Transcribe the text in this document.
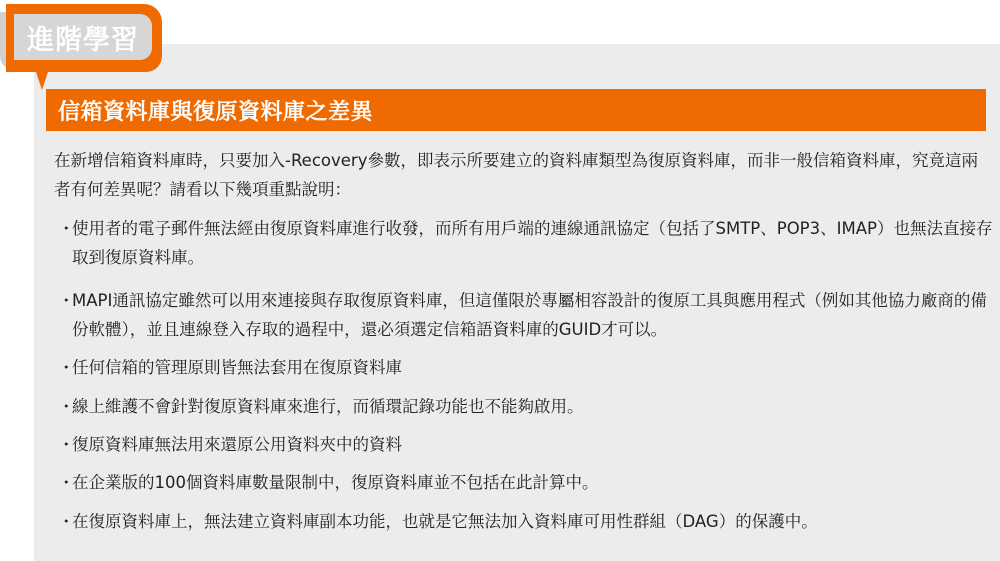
進階學習
信箱資料庫與復原資料庫之差異
在新增信箱資料庫時，只要加入-Recovery參數，即表示所要建立的資料庫類型為復原資料庫，而非一般信箱資料庫，究竟這兩者有何差異呢？請看以下幾項重點說明：
・使用者的電子郵件無法經由復原資料庫進行收發，而所有用戶端的連線通訊協定（包括了SMTP、POP3、IMAP）也無法直接存取到復原資料庫。
・MAPI通訊協定雖然可以用來連接與存取復原資料庫，但這僅限於專屬相容設計的復原工具與應用程式（例如其他協力廠商的備份軟體），並且連線登入存取的過程中，還必須選定信箱語資料庫的GUID才可以。
・任何信箱的管理原則皆無法套用在復原資料庫
・線上維護不會針對復原資料庫來進行，而循環記錄功能也不能夠啟用。
・復原資料庫無法用來還原公用資料夾中的資料
・在企業版的100個資料庫數量限制中，復原資料庫並不包括在此計算中。
・在復原資料庫上，無法建立資料庫副本功能，也就是它無法加入資料庫可用性群組（DAG）的保護中。
